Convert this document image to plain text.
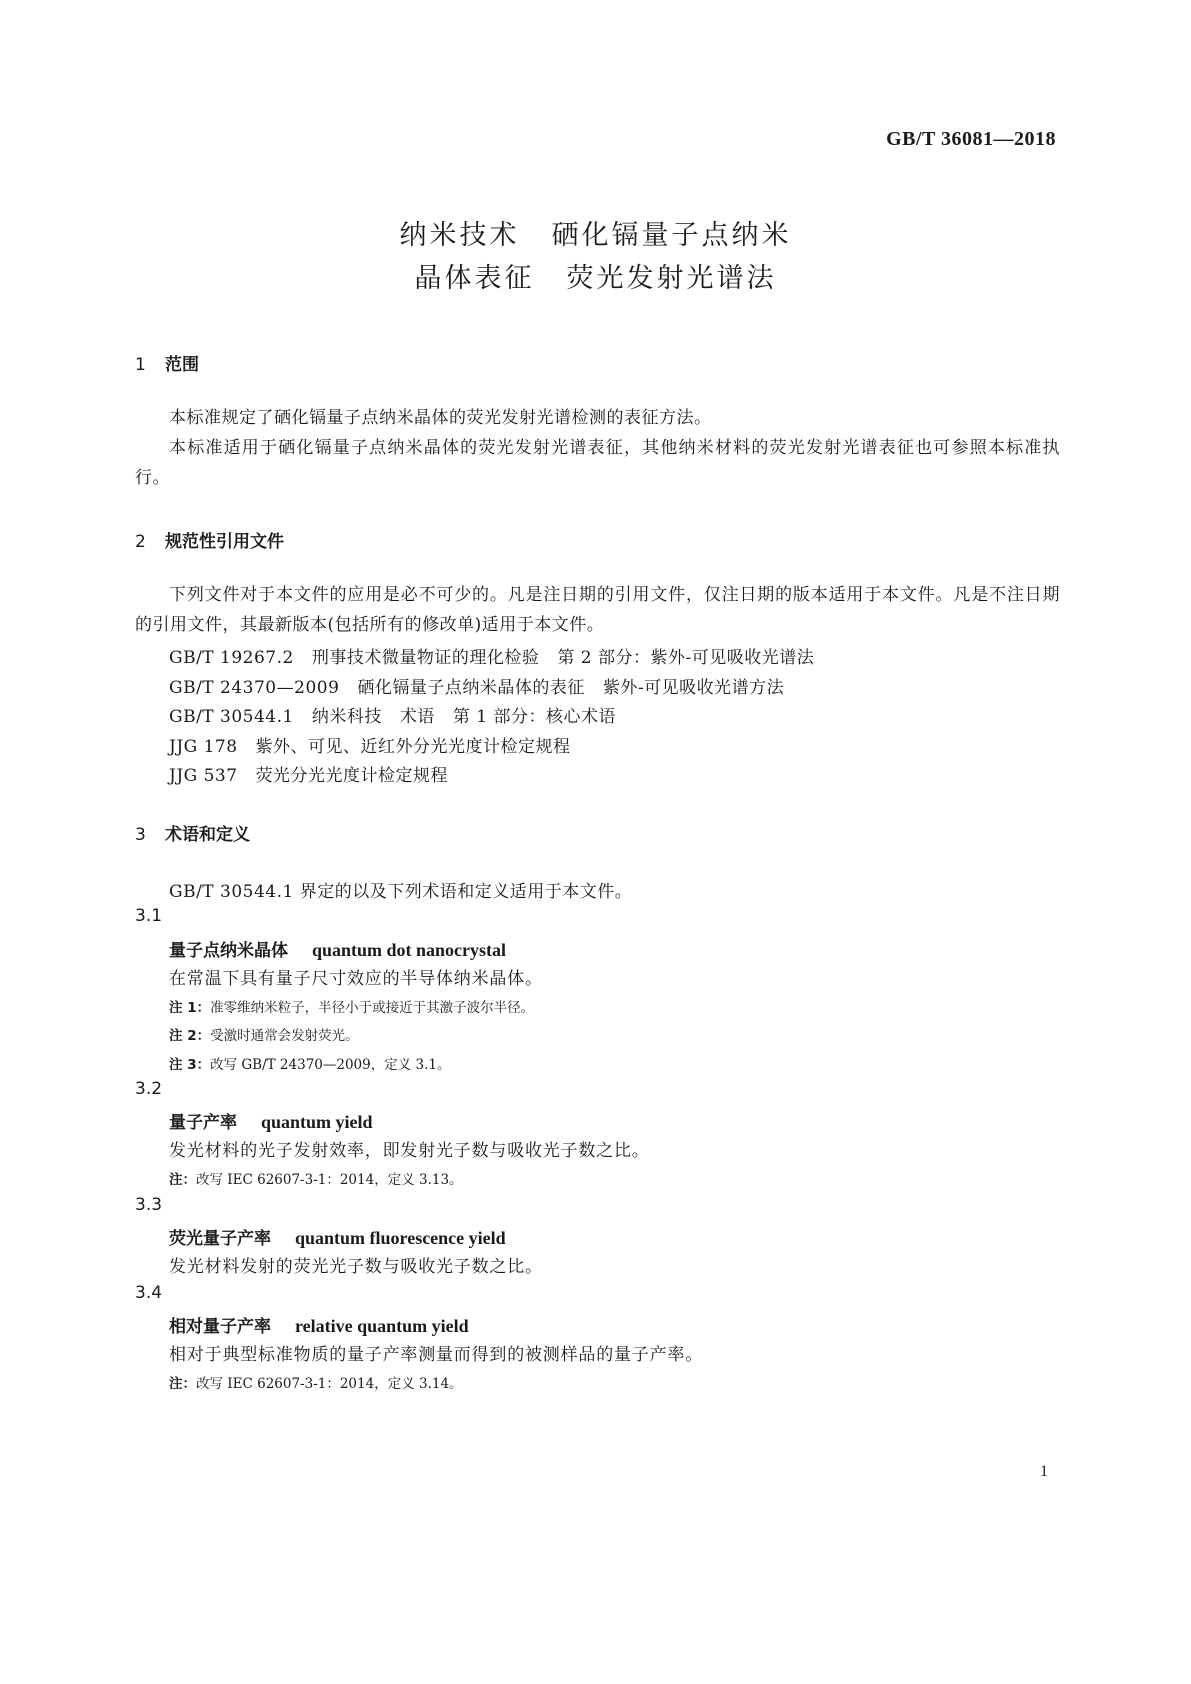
GB/T 36081—2018
纳米技术 硒化镉量子点纳米
晶体表征 荧光发射光谱法
1 范围
本标准规定了硒化镉量子点纳米晶体的荧光发射光谱检测的表征方法。
本标准适用于硒化镉量子点纳米晶体的荧光发射光谱表征，其他纳米材料的荧光发射光谱表征也可参照本标准执行。
2 规范性引用文件
下列文件对于本文件的应用是必不可少的。凡是注日期的引用文件，仅注日期的版本适用于本文件。凡是不注日期的引用文件，其最新版本(包括所有的修改单)适用于本文件。
GB/T 19267.2 刑事技术微量物证的理化检验 第 2 部分：紫外-可见吸收光谱法
GB/T 24370—2009 硒化镉量子点纳米晶体的表征 紫外-可见吸收光谱方法
GB/T 30544.1 纳米科技 术语 第 1 部分：核心术语
JJG 178 紫外、可见、近红外分光光度计检定规程
JJG 537 荧光分光光度计检定规程
3 术语和定义
GB/T 30544.1 界定的以及下列术语和定义适用于本文件。
3.1
量子点纳米晶体 quantum dot nanocrystal
在常温下具有量子尺寸效应的半导体纳米晶体。
注 1：准零维纳米粒子，半径小于或接近于其激子波尔半径。
注 2：受激时通常会发射荧光。
注 3：改写 GB/T 24370—2009，定义 3.1。
3.2
量子产率 quantum yield
发光材料的光子发射效率，即发射光子数与吸收光子数之比。
注：改写 IEC 62607-3-1：2014，定义 3.13。
3.3
荧光量子产率 quantum fluorescence yield
发光材料发射的荧光光子数与吸收光子数之比。
3.4
相对量子产率 relative quantum yield
相对于典型标准物质的量子产率测量而得到的被测样品的量子产率。
注：改写 IEC 62607-3-1：2014，定义 3.14。
1
